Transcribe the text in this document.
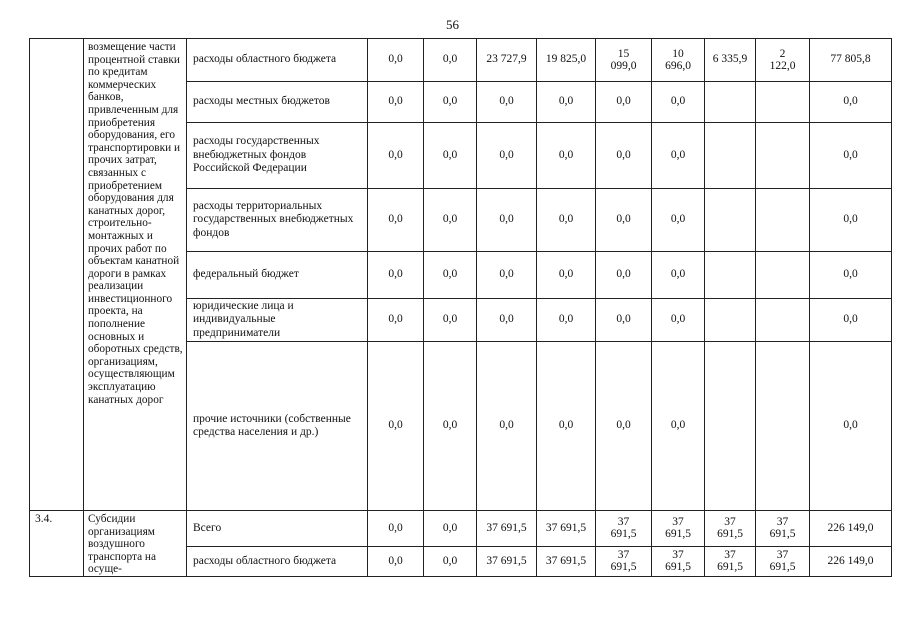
56
	возмещение части процентной ставки по кредитам коммерческих банков, привлеченным для приобретения оборудования, его транспортировки и прочих затрат, связанных с приобретением оборудования для канатных дорог, строительно-монтажных и прочих работ по объектам канатной дороги в рамках реализации инвестиционного проекта, на пополнение основных и оборотных средств, организациям, осуществляющим эксплуатацию канатных дорог	расходы областного бюджета	0,0	0,0	23 727,9	19 825,0	15 099,0	10 696,0	6 335,9	2 122,0	77 805,8
		расходы местных бюджетов	0,0	0,0	0,0	0,0	0,0	0,0			0,0
		расходы государственных внебюджетных фондов Российской Федерации	0,0	0,0	0,0	0,0	0,0	0,0			0,0
		расходы территориальных государственных внебюджетных фондов	0,0	0,0	0,0	0,0	0,0	0,0			0,0
		федеральный бюджет	0,0	0,0	0,0	0,0	0,0	0,0			0,0
		юридические лица и индивидуальные предприниматели	0,0	0,0	0,0	0,0	0,0	0,0			0,0
		прочие источники (собственные средства населения и др.)	0,0	0,0	0,0	0,0	0,0	0,0			0,0
3.4.	Субсидии организациям воздушного транспорта на осуще-	Всего	0,0	0,0	37 691,5	37 691,5	37 691,5	37 691,5	37 691,5	37 691,5	226 149,0
		расходы областного бюджета	0,0	0,0	37 691,5	37 691,5	37 691,5	37 691,5	37 691,5	37 691,5	226 149,0
